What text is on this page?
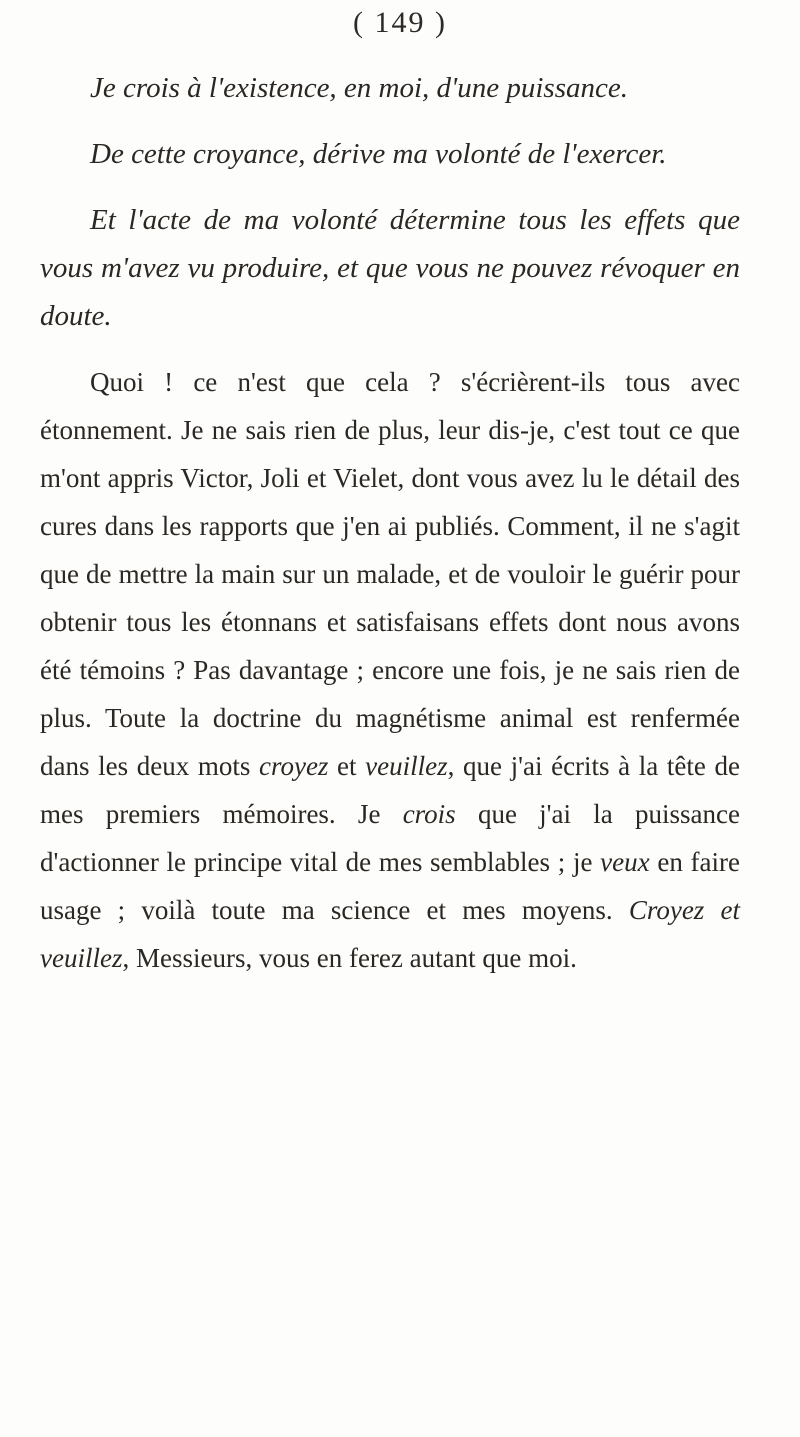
( 149 )

Je crois à l'existence, en moi, d'une puissance.

De cette croyance, dérive ma volonté de l'exercer.

Et l'acte de ma volonté détermine tous les effets que vous m'avez vu produire, et que vous ne pouvez révoquer en doute.

Quoi ! ce n'est que cela ? s'écrièrent-ils tous avec étonnement. Je ne sais rien de plus, leur dis-je, c'est tout ce que m'ont appris Victor, Joli et Vielet, dont vous avez lu le détail des cures dans les rapports que j'en ai publiés. Comment, il ne s'agit que de mettre la main sur un malade, et de vouloir le guérir pour obtenir tous les étonnans et satisfaisans effets dont nous avons été témoins ? Pas davantage ; encore une fois, je ne sais rien de plus. Toute la doctrine du magnétisme animal est renfermée dans les deux mots croyez et veuillez, que j'ai écrits à la tête de mes premiers mémoires. Je crois que j'ai la puissance d'actionner le principe vital de mes semblables ; je veux en faire usage ; voilà toute ma science et mes moyens. Croyez et veuillez, Messieurs, vous en ferez autant que moi.
